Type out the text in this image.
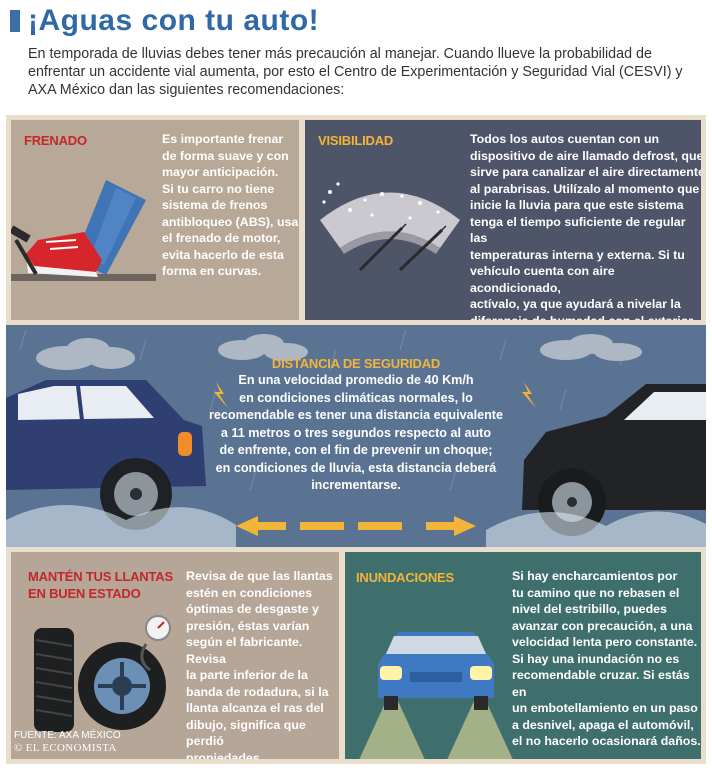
¡Aguas con tu auto!
En temporada de lluvias debes tener más precaución al manejar. Cuando llueve la probabilidad de enfrentar un accidente vial aumenta, por esto el Centro de Experimentación y Seguridad Vial (CESVI) y AXA México dan las siguientes recomendaciones:
FRENADO	Es importante frenar
de forma suave y con
mayor anticipación.
Si tu carro no tiene
sistema de frenos
antibloqueo (ABS), usa
el frenado de motor,
evita hacerlo de esta
forma en curvas.
VISIBILIDAD	Todos los autos cuentan con un
dispositivo de aire llamado defrost, que
sirve para canalizar el aire directamente
al parabrisas. Utilízalo al momento que
inicie la lluvia para que este sistema
tenga el tiempo suficiente de regular las
temperaturas interna y externa. Si tu
vehículo cuenta con aire acondicionado,
actívalo, ya que ayudará a nivelar la
DISTANCIA DE SEGURIDAD
En una velocidad promedio de 40 Km/h
en condiciones climáticas normales, lo
recomendable es tener una distancia equivalente
a 11 metros o tres segundos respecto al auto
de enfrente, con el fin de prevenir un choque;
en condiciones de lluvia, esta distancia deberá
incrementarse.
MANTÉN TUS LLANTAS
EN BUEN ESTADO
Revisa de que las llantas
estén en condiciones
óptimas de desgaste y
presión, éstas varían
según el fabricante. Revisa
la parte inferior de la
banda de rodadura, si la
llanta alcanza el ras del
dibujo, significa que perdió
propiedades.
INUNDACIONES	Si hay encharcamientos por
tu camino que no rebasen el
nivel del estribillo, puedes
avanzar con precaución, a una
velocidad lenta pero constante.
Si hay una inundación no es
recomendable cruzar. Si estás en
un embotellamiento en un paso
a desnivel, apaga el automóvil,
el no hacerlo ocasionará daños.
FUENTE: AXA MÉXICO
© EL ECONOMISTA
